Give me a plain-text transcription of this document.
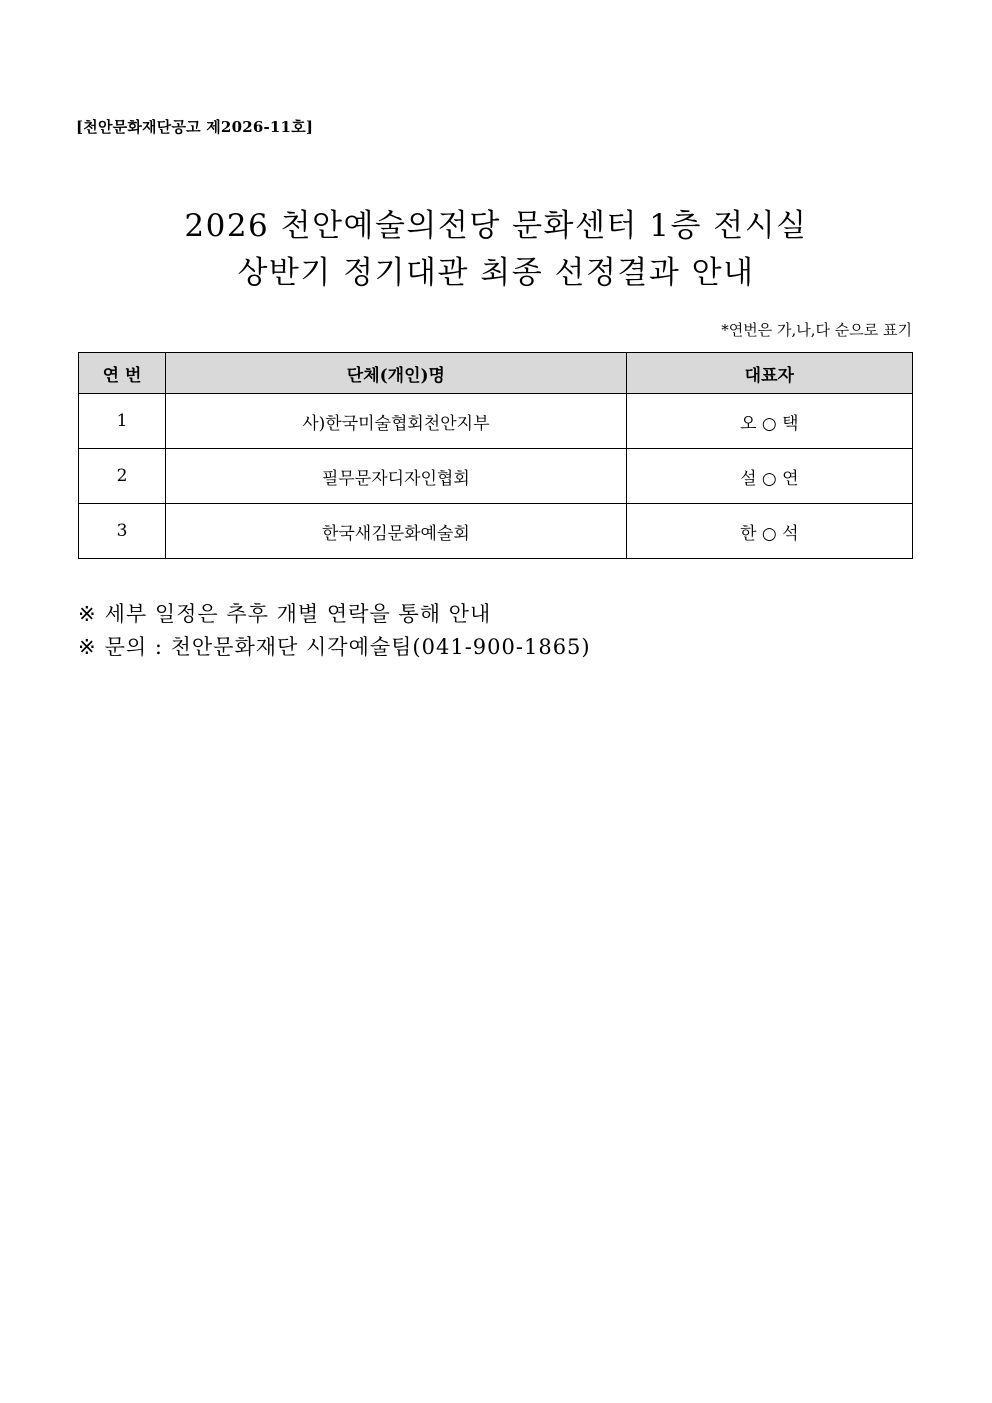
[천안문화재단공고 제2026-11호]
2026 천안예술의전당 문화센터 1층 전시실
상반기 정기대관 최종 선정결과 안내
*연번은 가,나,다 순으로 표기
연 번	단체(개인)명	대표자
1	사)한국미술협회천안지부	오 ○ 택
2	필무문자디자인협회	설 ○ 연
3	한국새김문화예술회	한 ○ 석
※ 세부 일정은 추후 개별 연락을 통해 안내
※ 문의 : 천안문화재단 시각예술팀(041-900-1865)
